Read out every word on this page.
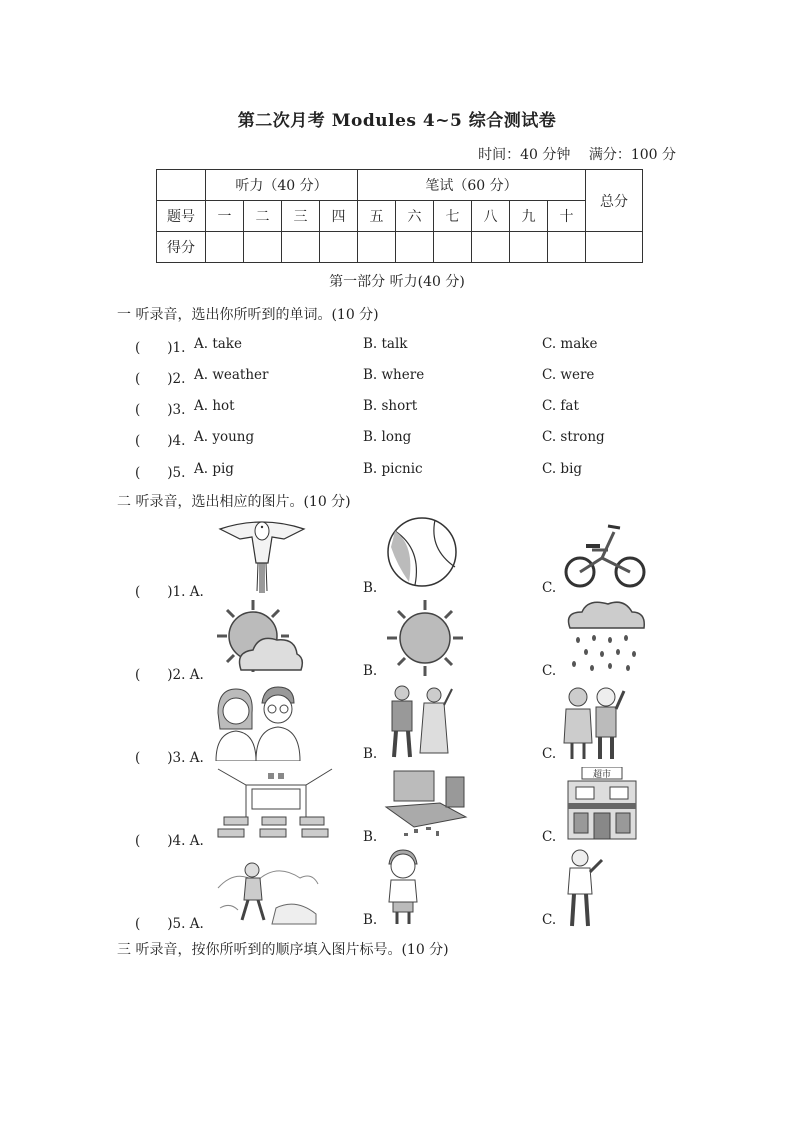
第二次月考 Modules 4~5 综合测试卷
时间：40 分钟 满分：100 分
	听力（40 分）				笔试（60 分）						总分
题号	一	二	三	四	五	六	七	八	九	十	
得分											
第一部分 听力(40 分)
一 听录音，选出你所听到的单词。(10 分)
(　　)1. A. take	B. talk	C. make
(　　)2. A. weather	B. where	C. were
(　　)3. A. hot	B. short	C. fat
(　　)4. A. young	B. long	C. strong
(　　)5. A. pig	B. picnic	C. big
二 听录音，选出相应的图片。(10 分)
(　　)1. A.	B.	C.
(　　)2. A.	B.	C.
(　　)3. A.	B.	C.
(　　)4. A.	B.	C.
超市
(　　)5. A.	B.	C.
三 听录音，按你所听到的顺序填入图片标号。(10 分)
